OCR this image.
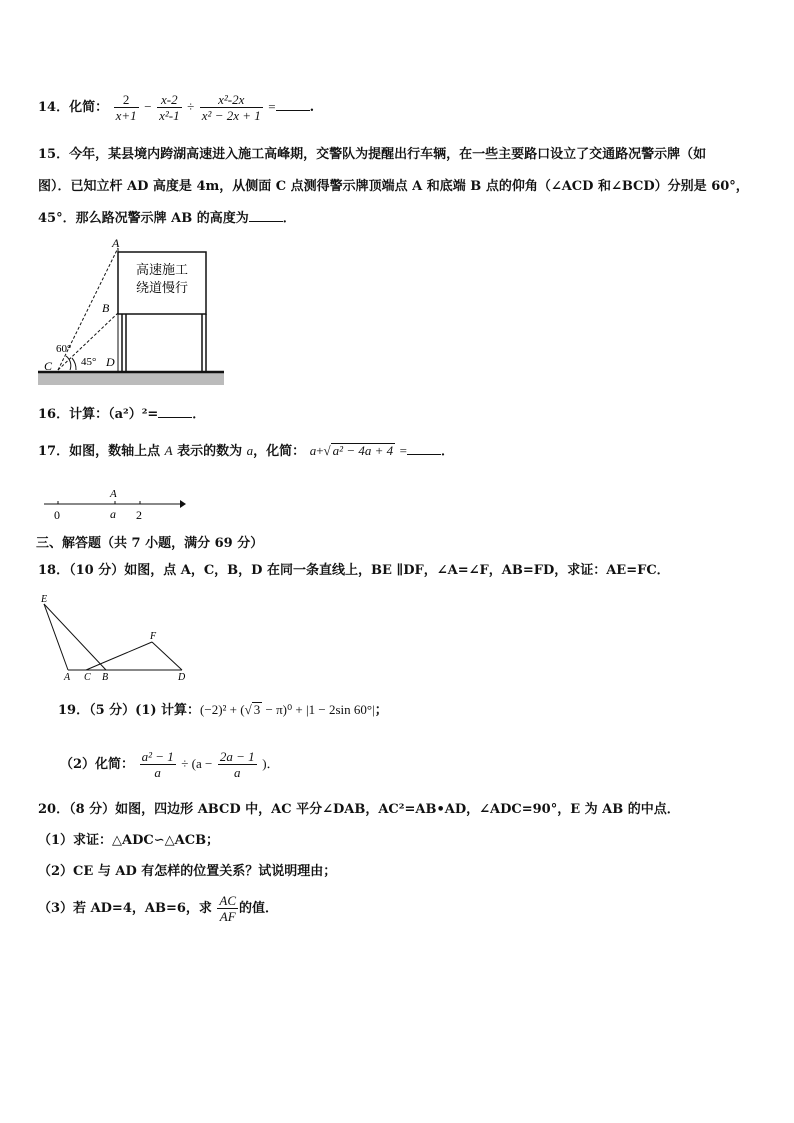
14．化简： $\frac{2}{x+1} - \frac{x-2}{\text{x²-1}} \div \frac{\text{x²-2x}}{\text{x² − 2x + 1}}$ =	.
15．今年，某县境内跨湖高速进入施工高峰期，交警队为提醒出行车辆，在一些主要路口设立了交通路况警示牌（如
图）．已知立杆 AD 高度是 4m，从侧面 C 点测得警示牌顶端点 A 和底端 B 点的仰角（∠ACD 和∠BCD）分别是 60°，
45°．那么路况警示牌 AB 的高度为	．
高速施工
绕道慢行
A
B
C	D
60°
45°
16．计算：（a²）²=	．
17．如图，数轴上点 A 表示的数为 a，化简： a+√ a² − 4a + 4 =	．
0	a 2
A
三、解答题（共 7 小题，满分 69 分）
18．（10 分）如图，点 A，C，B，D 在同一条直线上，BE ∥DF，∠A=∠F，AB=FD，求证：AE=FC．
E
F
A C B	D
19．（5 分）(1) 计算：(−2)² + (√ 3 − π)⁰ + |1 − 2sin 60°|；
（2）化简： $\frac{\text{a² − 1}}{a} \div (a - \frac{2a - 1}{a}$ )．
20．（8 分）如图，四边形 ABCD 中，AC 平分∠DAB，AC²=AB•AD，∠ADC=90°，E 为 AB 的中点．
（1）求证：△ADC∽△ACB；
（2）CE 与 AD 有怎样的位置关系？试说明理由；
（3）若 AD=4，AB=6，求 $\frac{AC}{AF}$ 的值．
